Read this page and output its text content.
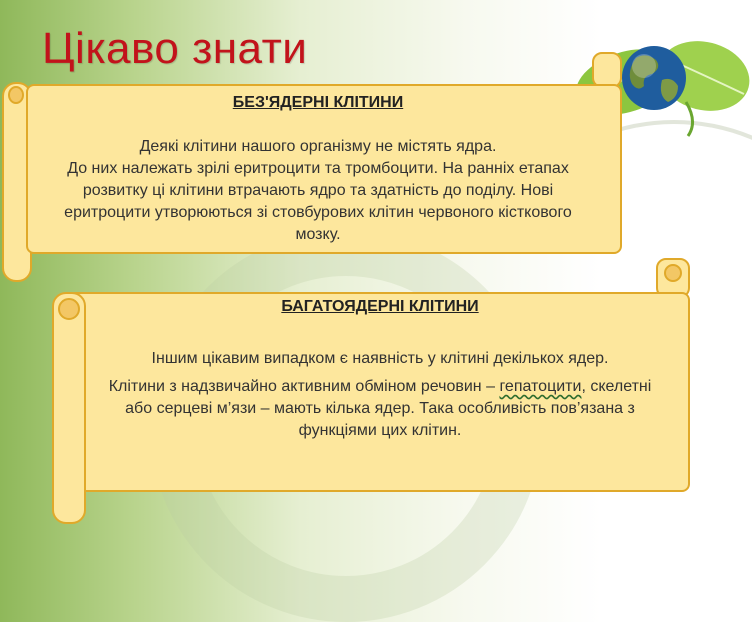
Цікаво знати
БЕЗ'ЯДЕРНІ КЛІТИНИ

Деякі клітини нашого організму не містять ядра.

До них належать зрілі еритроцити та тромбоцити. На ранніх етапах розвитку ці клітини втрачають ядро та здатність до поділу. Нові еритроцити утворюються зі стовбурових клітин червоного кісткового мозку.

БАГАТОЯДЕРНІ КЛІТИНИ

Іншим цікавим випадком є наявність у клітині декількох ядер.

Клітини з надзвичайно активним обміном речовин – гепатоцити, скелетні або серцеві м’язи – мають кілька ядер. Така особливість пов’язана з функціями цих клітин.
